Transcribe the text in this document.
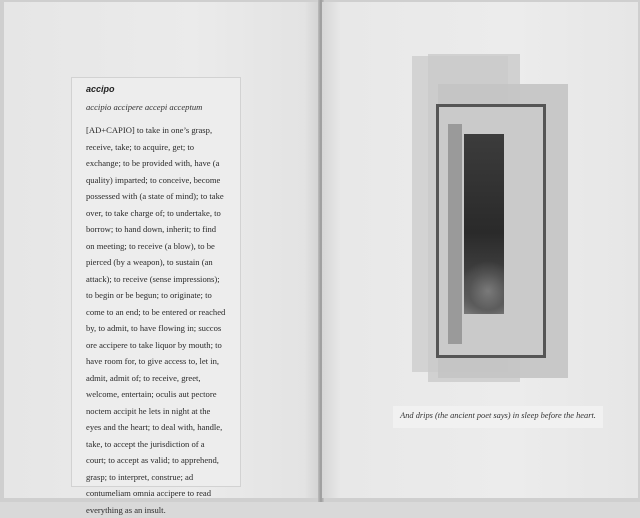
accipo
accipio accipere accepi acceptum
[AD+CAPIO] to take in one’s grasp,
receive, take; to acquire, get; to
exchange; to be provided with, have (a
quality) imparted; to conceive, become
possessed with (a state of mind); to take
over, to take charge of; to undertake, to
borrow; to hand down, inherit; to find
on meeting; to receive (a blow), to be
pierced (by a weapon), to sustain (an
attack); to receive (sense impressions);
to begin or be begun; to originate; to
come to an end; to be entered or reached
by, to admit, to have flowing in; succos
ore accipere to take liquor by mouth; to
have room for, to give access to, let in,
admit, admit of; to receive, greet,
welcome, entertain; oculis aut pectore
noctem accipit he lets in night at the
eyes and the heart; to deal with, handle,
take, to accept the jurisdiction of a
court; to accept as valid; to apprehend,
grasp; to interpret, construe; ad
contumeliam omnia accipere to read
everything as an insult.
And drips (the ancient poet says) in sleep before the heart.
